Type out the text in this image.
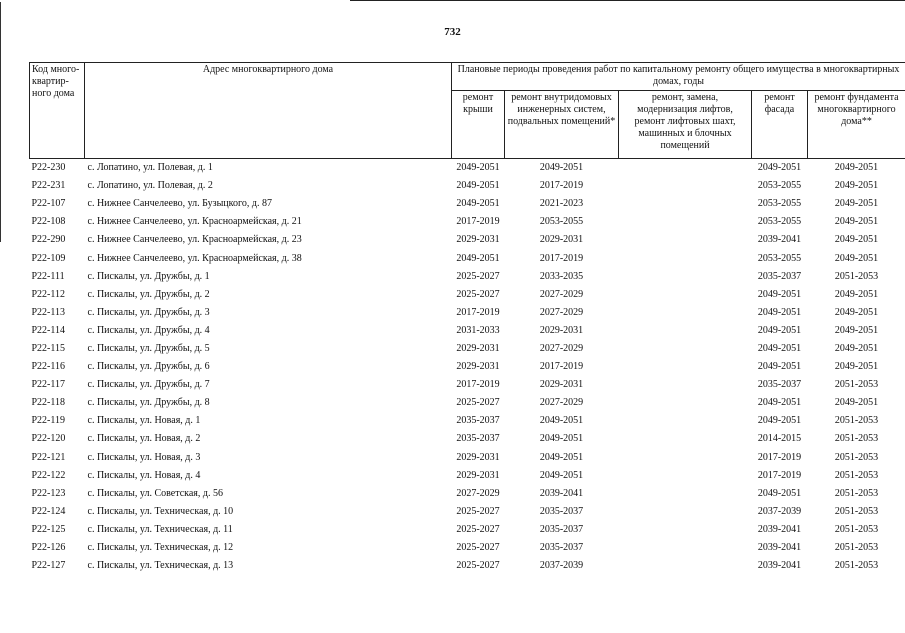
732
Код много-квартир-ного дома	Адрес многоквартирного дома	Плановые периоды проведения работ по капитальному ремонту общего имущества в многоквартирных домах, годы				
		ремонт крыши	ремонт внутридомовых инженерных систем, подвальных помещений*	ремонт, замена, модернизация лифтов, ремонт лифтовых шахт, машинных и блочных помещений	ремонт фасада	ремонт фундамента многоквартирного дома**
Р22-230	с. Лопатино, ул. Полевая, д. 1	2049-2051	2049-2051		2049-2051	2049-2051
Р22-231	с. Лопатино, ул. Полевая, д. 2	2049-2051	2017-2019		2053-2055	2049-2051
Р22-107	с. Нижнее Санчелеево, ул. Бузыцкого, д. 87	2049-2051	2021-2023		2053-2055	2049-2051
Р22-108	с. Нижнее Санчелеево, ул. Красноармейская, д. 21	2017-2019	2053-2055		2053-2055	2049-2051
Р22-290	с. Нижнее Санчелеево, ул. Красноармейская, д. 23	2029-2031	2029-2031		2039-2041	2049-2051
Р22-109	с. Нижнее Санчелеево, ул. Красноармейская, д. 38	2049-2051	2017-2019		2053-2055	2049-2051
Р22-111	с. Пискалы, ул. Дружбы, д. 1	2025-2027	2033-2035		2035-2037	2051-2053
Р22-112	с. Пискалы, ул. Дружбы, д. 2	2025-2027	2027-2029		2049-2051	2049-2051
Р22-113	с. Пискалы, ул. Дружбы, д. 3	2017-2019	2027-2029		2049-2051	2049-2051
Р22-114	с. Пискалы, ул. Дружбы, д. 4	2031-2033	2029-2031		2049-2051	2049-2051
Р22-115	с. Пискалы, ул. Дружбы, д. 5	2029-2031	2027-2029		2049-2051	2049-2051
Р22-116	с. Пискалы, ул. Дружбы, д. 6	2029-2031	2017-2019		2049-2051	2049-2051
Р22-117	с. Пискалы, ул. Дружбы, д. 7	2017-2019	2029-2031		2035-2037	2051-2053
Р22-118	с. Пискалы, ул. Дружбы, д. 8	2025-2027	2027-2029		2049-2051	2049-2051
Р22-119	с. Пискалы, ул. Новая, д. 1	2035-2037	2049-2051		2049-2051	2051-2053
Р22-120	с. Пискалы, ул. Новая, д. 2	2035-2037	2049-2051		2014-2015	2051-2053
Р22-121	с. Пискалы, ул. Новая, д. 3	2029-2031	2049-2051		2017-2019	2051-2053
Р22-122	с. Пискалы, ул. Новая, д. 4	2029-2031	2049-2051		2017-2019	2051-2053
Р22-123	с. Пискалы, ул. Советская, д. 56	2027-2029	2039-2041		2049-2051	2051-2053
Р22-124	с. Пискалы, ул. Техническая, д. 10	2025-2027	2035-2037		2037-2039	2051-2053
Р22-125	с. Пискалы, ул. Техническая, д. 11	2025-2027	2035-2037		2039-2041	2051-2053
Р22-126	с. Пискалы, ул. Техническая, д. 12	2025-2027	2035-2037		2039-2041	2051-2053
Р22-127	с. Пискалы, ул. Техническая, д. 13	2025-2027	2037-2039		2039-2041	2051-2053
